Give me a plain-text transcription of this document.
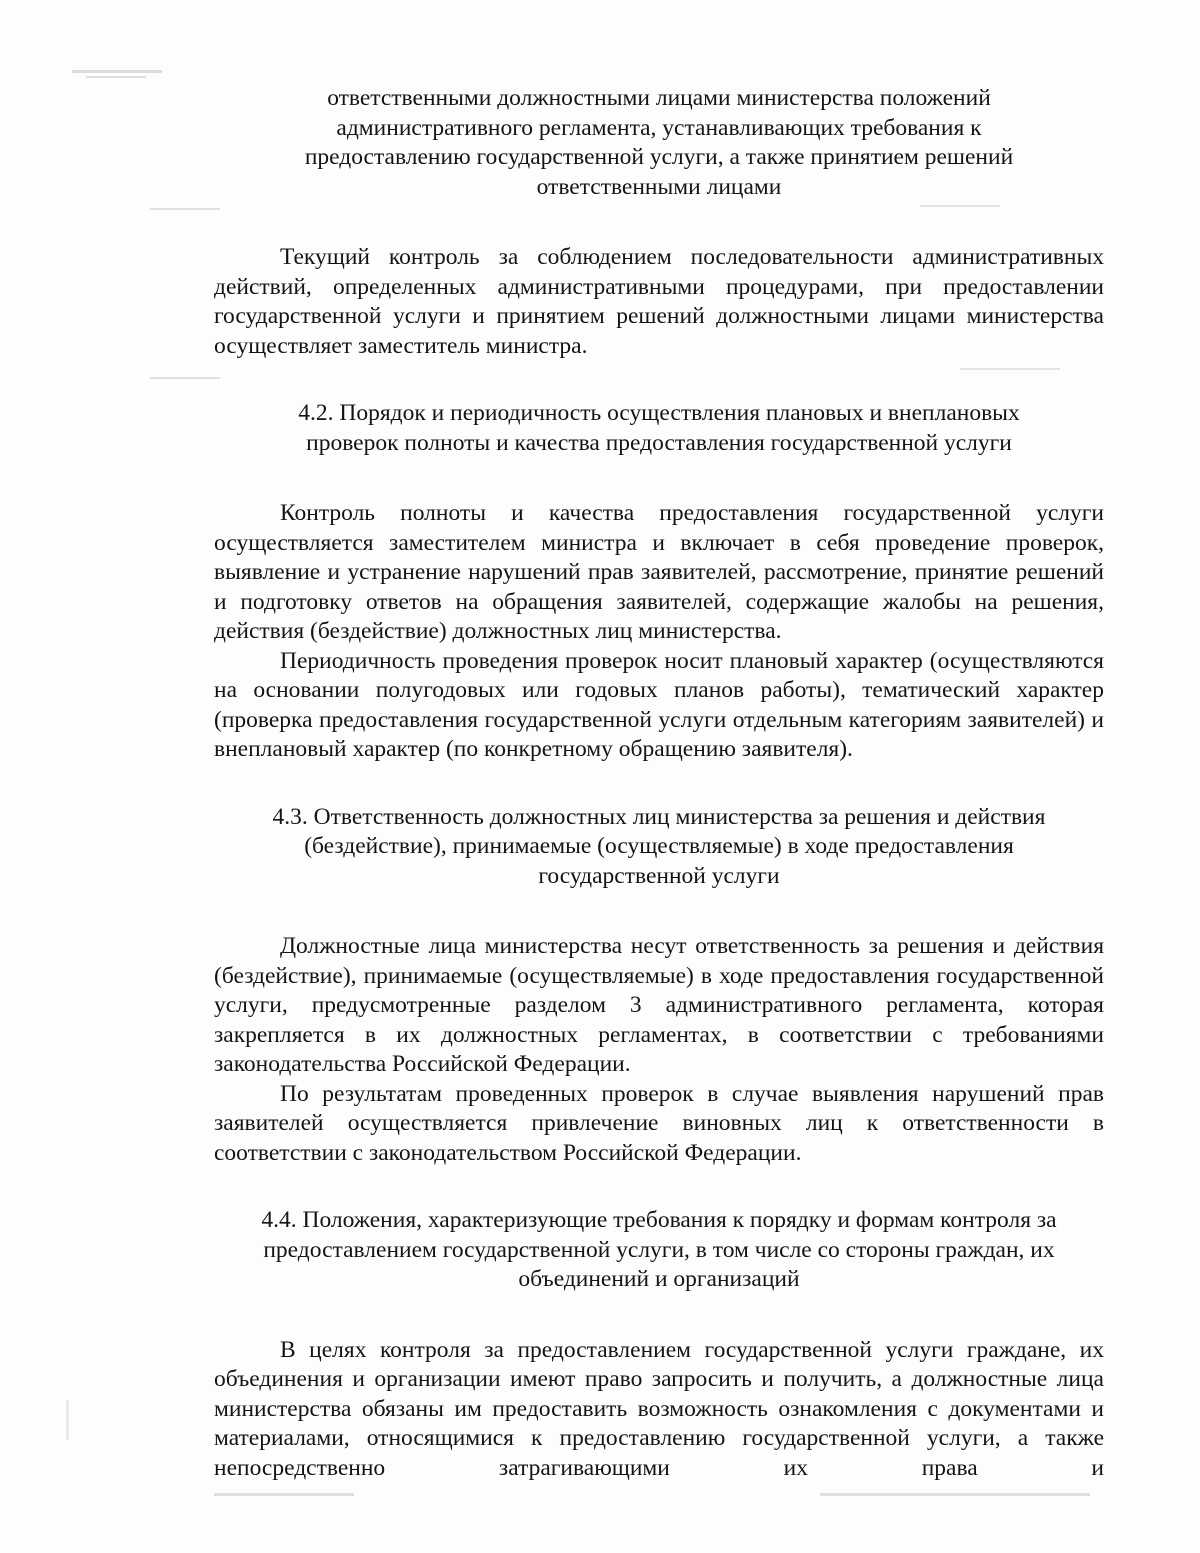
ответственными должностными лицами министерства положений

административного регламента, устанавливающих требования к

предоставлению государственной услуги, а также принятием решений

ответственными лицами

Текущий контроль за соблюдением последовательности административных действий, определенных административными процедурами, при предоставлении государственной услуги и принятием решений должностными лицами министерства осуществляет заместитель министра.

4.2. Порядок и периодичность осуществления плановых и внеплановых

проверок полноты и качества предоставления государственной услуги

Контроль полноты и качества предоставления государственной услуги осуществляется заместителем министра и включает в себя проведение проверок, выявление и устранение нарушений прав заявителей, рассмотрение, принятие решений и подготовку ответов на обращения заявителей, содержащие жалобы на решения, действия (бездействие) должностных лиц министерства.

Периодичность проведения проверок носит плановый характер (осуществляются на основании полугодовых или годовых планов работы), тематический характер (проверка предоставления государственной услуги отдельным категориям заявителей) и внеплановый характер (по конкретному обращению заявителя).

4.3. Ответственность должностных лиц министерства за решения и действия

(бездействие), принимаемые (осуществляемые) в ходе предоставления

государственной услуги

Должностные лица министерства несут ответственность за решения и действия (бездействие), принимаемые (осуществляемые) в ходе предоставления государственной услуги, предусмотренные разделом 3 административного регламента, которая закрепляется в их должностных регламентах, в соответствии с требованиями законодательства Российской Федерации.

По результатам проведенных проверок в случае выявления нарушений прав заявителей осуществляется привлечение виновных лиц к ответственности в соответствии с законодательством Российской Федерации.

4.4. Положения, характеризующие требования к порядку и формам контроля за

предоставлением государственной услуги, в том числе со стороны граждан, их

объединений и организаций

В целях контроля за предоставлением государственной услуги граждане, их объединения и организации имеют право запросить и получить, а должностные лица министерства обязаны им предоставить возможность ознакомления с документами и материалами, относящимися к предоставлению государственной услуги, а также непосредственно затрагивающими их права и
